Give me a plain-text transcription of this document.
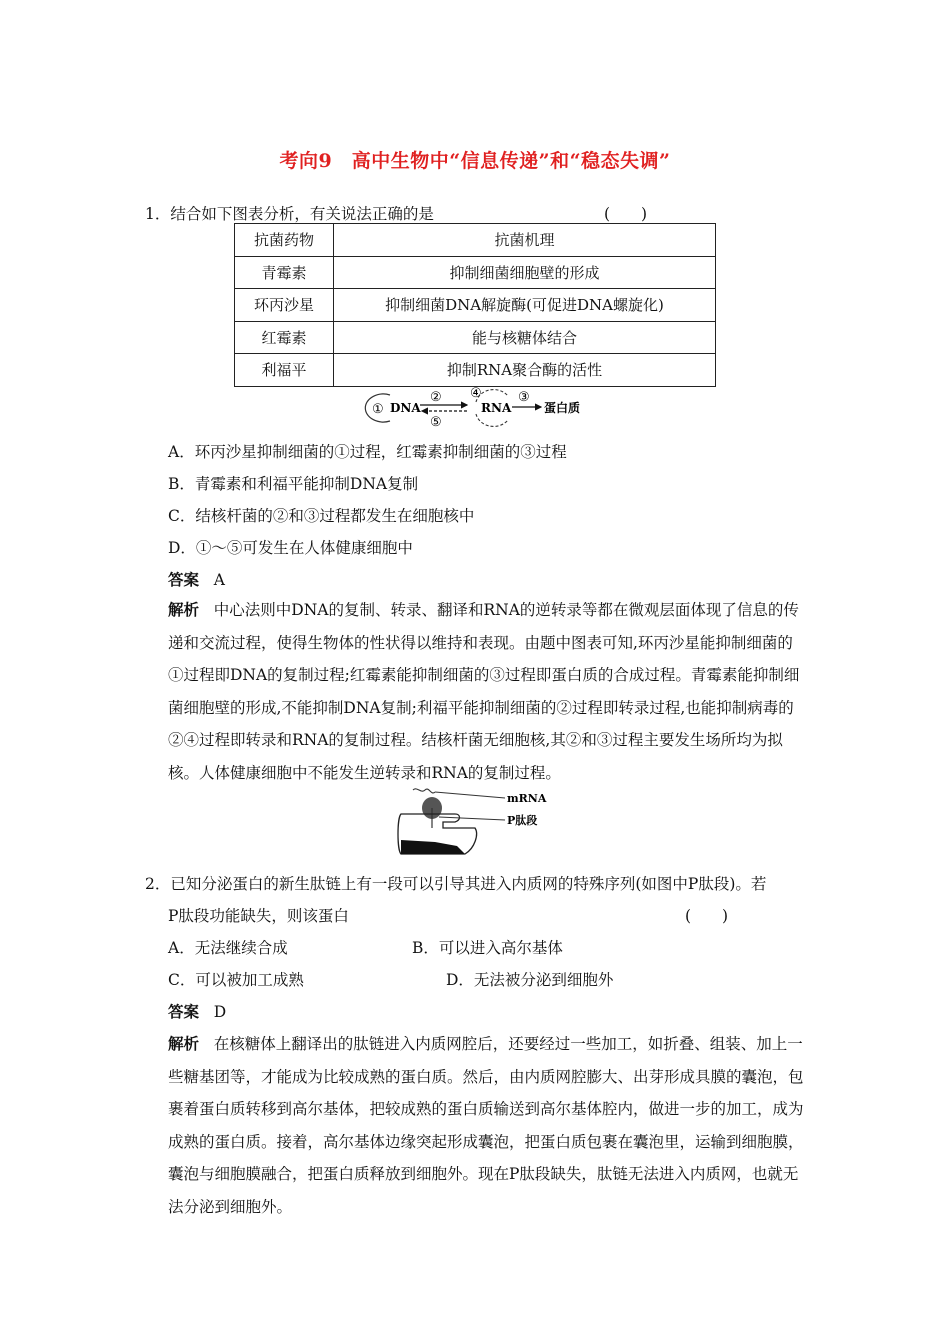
考向9　高中生物中“信息传递”和“稳态失调”
1．结合如下图表分析，有关说法正确的是	(　　)
抗菌药物	抗菌机理
青霉素	抑制细菌细胞壁的形成
环丙沙星	抑制细菌DNA解旋酶(可促进DNA螺旋化)
红霉素	能与核糖体结合
利福平	抑制RNA聚合酶的活性
① DNA
②
⑤
④
RNA
③
蛋白质
A．环丙沙星抑制细菌的①过程，红霉素抑制细菌的③过程
B．青霉素和利福平能抑制DNA复制
C．结核杆菌的②和③过程都发生在细胞核中
D．①～⑤可发生在人体健康细胞中
答案 A
解析 中心法则中DNA的复制、转录、翻译和RNA的逆转录等都在微观层面体现了信息的传递和交流过程，使得生物体的性状得以维持和表现。由题中图表可知,环丙沙星能抑制细菌的①过程即DNA的复制过程;红霉素能抑制细菌的③过程即蛋白质的合成过程。青霉素能抑制细菌细胞壁的形成,不能抑制DNA复制;利福平能抑制细菌的②过程即转录过程,也能抑制病毒的②④过程即转录和RNA的复制过程。结核杆菌无细胞核,其②和③过程主要发生场所均为拟核。人体健康细胞中不能发生逆转录和RNA的复制过程。
mRNA
P肽段
2．已知分泌蛋白的新生肽链上有一段可以引导其进入内质网的特殊序列(如图中P肽段)。若
P肽段功能缺失，则该蛋白	(　　)
A．无法继续合成	B．可以进入高尔基体
C．可以被加工成熟	D．无法被分泌到细胞外
答案 D
解析 在核糖体上翻译出的肽链进入内质网腔后，还要经过一些加工，如折叠、组装、加上一些糖基团等，才能成为比较成熟的蛋白质。然后，由内质网腔膨大、出芽形成具膜的囊泡，包裹着蛋白质转移到高尔基体，把较成熟的蛋白质输送到高尔基体腔内，做进一步的加工，成为成熟的蛋白质。接着，高尔基体边缘突起形成囊泡，把蛋白质包裹在囊泡里，运输到细胞膜，囊泡与细胞膜融合，把蛋白质释放到细胞外。现在P肽段缺失，肽链无法进入内质网，也就无法分泌到细胞外。
